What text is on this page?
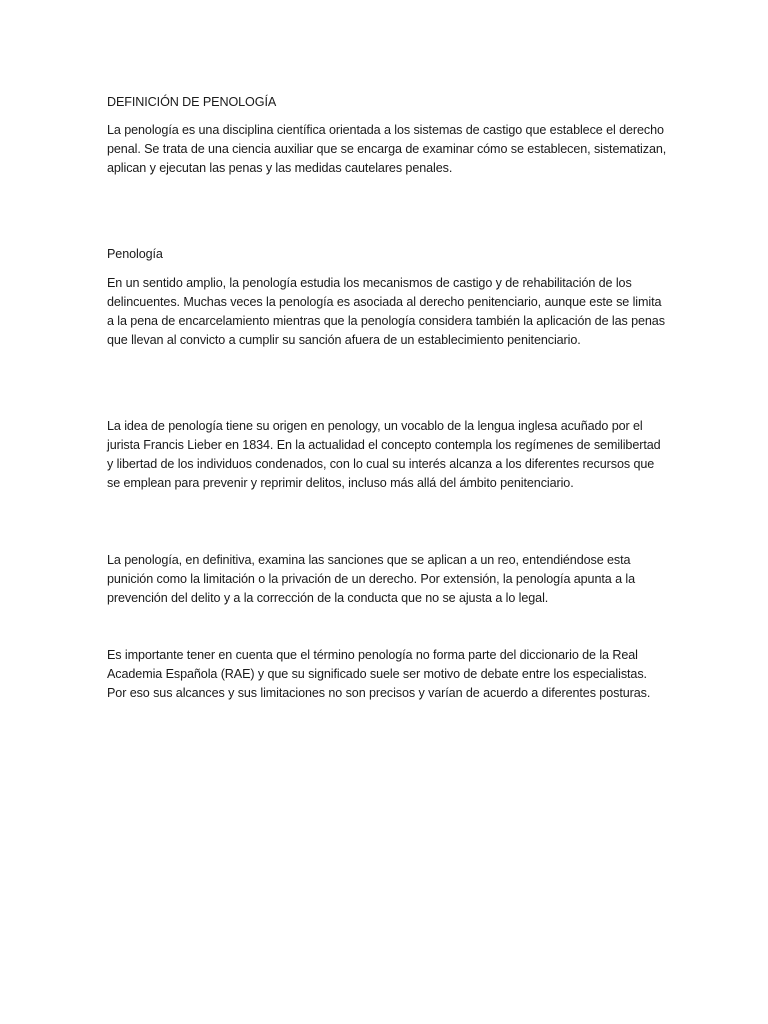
DEFINICIÓN DE PENOLOGÍA

La penología es una disciplina científica orientada a los sistemas de castigo que establece el derecho penal. Se trata de una ciencia auxiliar que se encarga de examinar cómo se establecen, sistematizan, aplican y ejecutan las penas y las medidas cautelares penales.

Penología

En un sentido amplio, la penología estudia los mecanismos de castigo y de rehabilitación de los delincuentes. Muchas veces la penología es asociada al derecho penitenciario, aunque este se limita a la pena de encarcelamiento mientras que la penología considera también la aplicación de las penas que llevan al convicto a cumplir su sanción afuera de un establecimiento penitenciario.

La idea de penología tiene su origen en penology, un vocablo de la lengua inglesa acuñado por el jurista Francis Lieber en 1834. En la actualidad el concepto contempla los regímenes de semilibertad y libertad de los individuos condenados, con lo cual su interés alcanza a los diferentes recursos que se emplean para prevenir y reprimir delitos, incluso más allá del ámbito penitenciario.

La penología, en definitiva, examina las sanciones que se aplican a un reo, entendiéndose esta punición como la limitación o la privación de un derecho. Por extensión, la penología apunta a la prevención del delito y a la corrección de la conducta que no se ajusta a lo legal.

Es importante tener en cuenta que el término penología no forma parte del diccionario de la Real Academia Española (RAE) y que su significado suele ser motivo de debate entre los especialistas. Por eso sus alcances y sus limitaciones no son precisos y varían de acuerdo a diferentes posturas.
